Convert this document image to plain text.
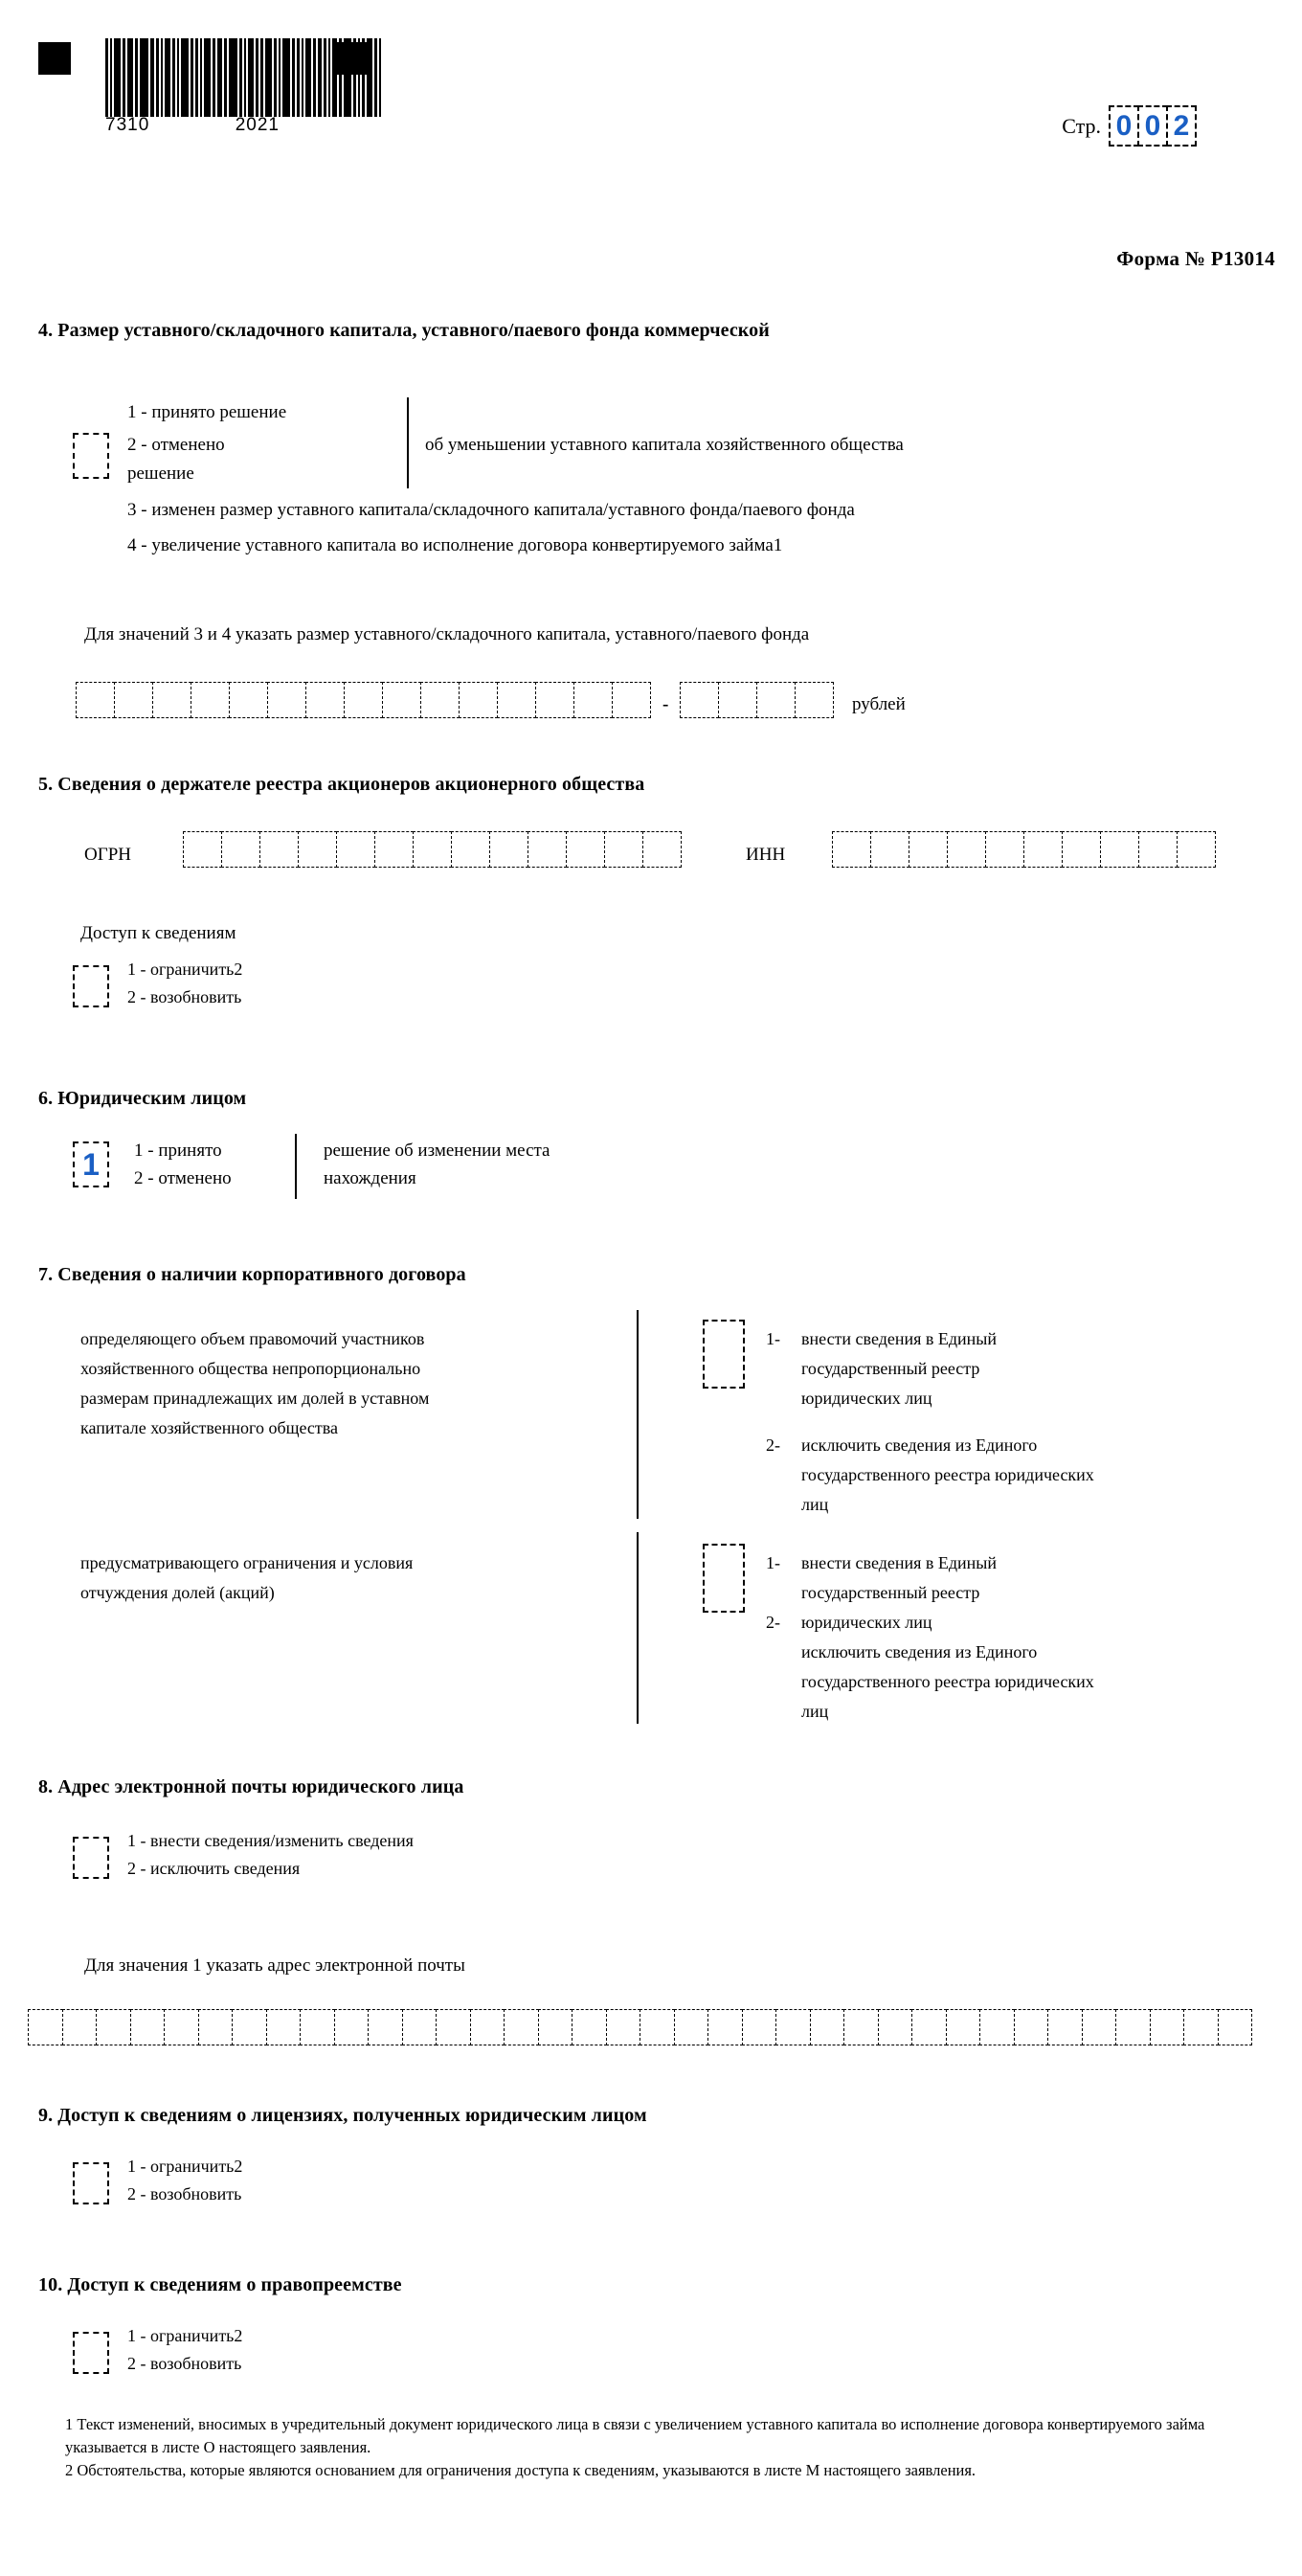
7310	2021	Стр. 0 0 2
Форма № Р13014
4. Размер уставного/складочного капитала, уставного/паевого фонда коммерческой
1 - принято решение
2 - отменено
решение
об уменьшении уставного капитала хозяйственного общества
3 - изменен размер уставного капитала/складочного капитала/уставного фонда/паевого фонда
4 - увеличение уставного капитала во исполнение договора конвертируемого займа1
Для значений 3 и 4 указать размер уставного/складочного капитала, уставного/паевого фонда
-	рублей
5. Сведения о держателе реестра акционеров акционерного общества
ОГРН	ИНН
Доступ к сведениям
1 - ограничить2
2 - возобновить
6. Юридическим лицом
1	1 - принято
2 - отменено
решение об изменении места
нахождения
7. Сведения о наличии корпоративного договора
определяющего объем правомочий участников
хозяйственного общества непропорционально
размерам принадлежащих им долей в уставном
капитале хозяйственного общества
1- внести сведения в Единый
государственный реестр
юридических лиц
2- исключить сведения из Единого
государственного реестра юридических
лиц
предусматривающего ограничения и условия
отчуждения долей (акций)
1- внести сведения в Единый
государственный реестр
2- юридических лиц
исключить сведения из Единого
государственного реестра юридических
лиц
8. Адрес электронной почты юридического лица
1 - внести сведения/изменить сведения
2 - исключить сведения
Для значения 1 указать адрес электронной почты
9. Доступ к сведениям о лицензиях, полученных юридическим лицом
1 - ограничить2
2 - возобновить
10. Доступ к сведениям о правопреемстве
1 - ограничить2
2 - возобновить

1 Текст изменений, вносимых в учредительный документ юридического лица в связи с увеличением уставного капитала во исполнение договора конвертируемого займа указывается в листе О настоящего заявления.

2 Обстоятельства, которые являются основанием для ограничения доступа к сведениям, указываются в листе М настоящего заявления.
